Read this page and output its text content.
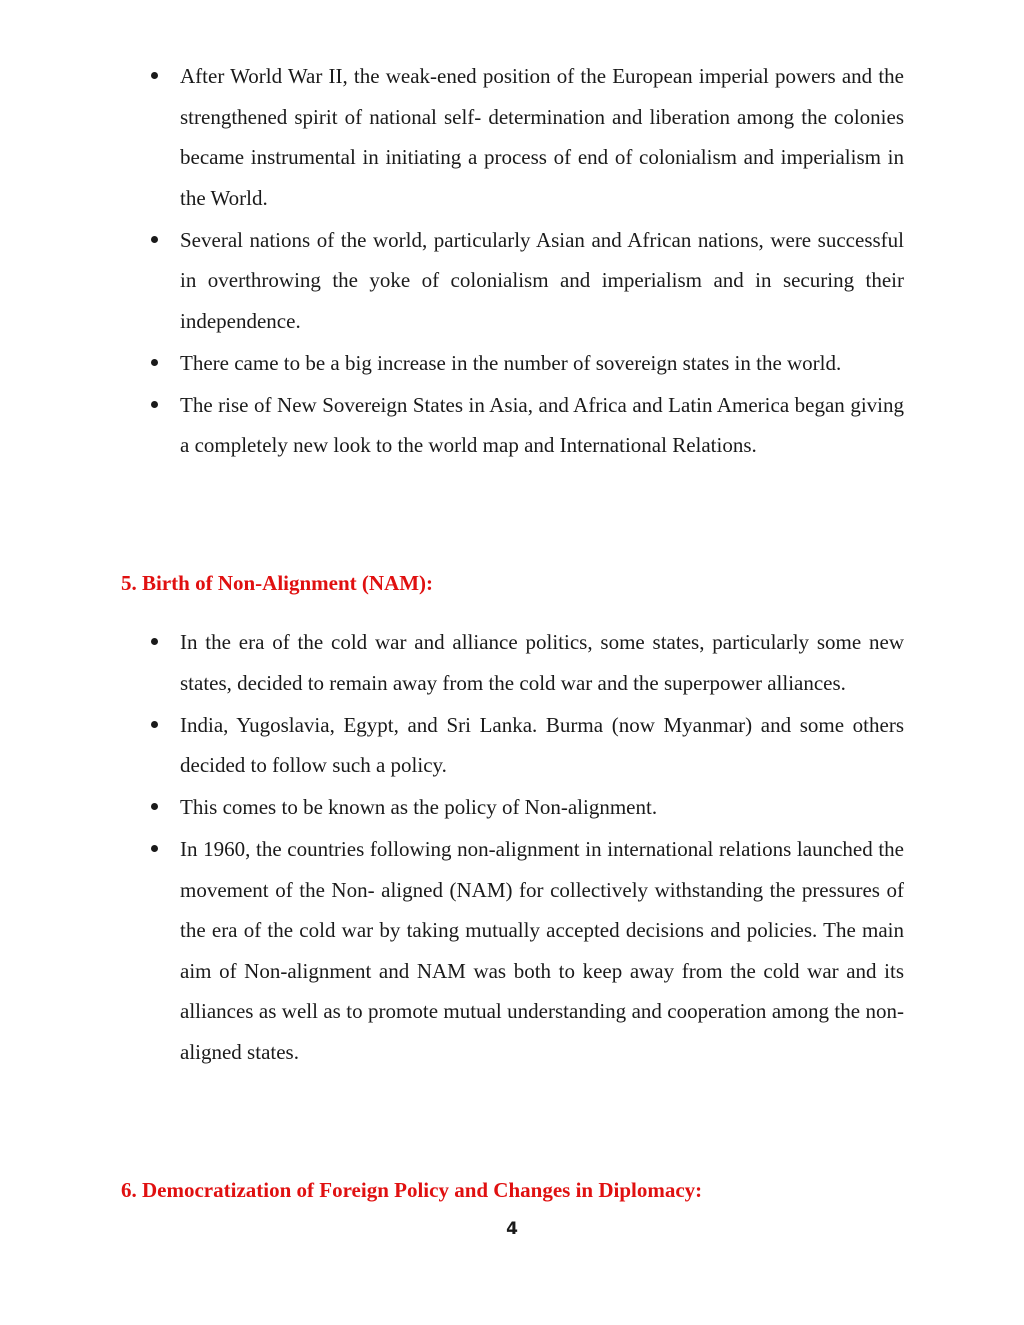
After World War II, the weak-ened position of the European imperial powers and the strengthened spirit of national self- determination and liberation among the colonies became instrumental in initiating a process of end of colonialism and imperialism in the World.
Several nations of the world, particularly Asian and African nations, were successful in overthrowing the yoke of colonialism and imperialism and in securing their independence.
There came to be a big increase in the number of sovereign states in the world.
The rise of New Sovereign States in Asia, and Africa and Latin America began giving a completely new look to the world map and International Relations.
5. Birth of Non-Alignment (NAM):
In the era of the cold war and alliance politics, some states, particularly some new states, decided to remain away from the cold war and the superpower alliances.
India, Yugoslavia, Egypt, and Sri Lanka. Burma (now Myanmar) and some others decided to follow such a policy.
This comes to be known as the policy of Non-alignment.
In 1960, the countries following non-alignment in international relations launched the movement of the Non- aligned (NAM) for collectively withstanding the pressures of the era of the cold war by taking mutually accepted decisions and policies. The main aim of Non-alignment and NAM was both to keep away from the cold war and its alliances as well as to promote mutual understanding and cooperation among the non-aligned states.
6. Democratization of Foreign Policy and Changes in Diplomacy:
4
